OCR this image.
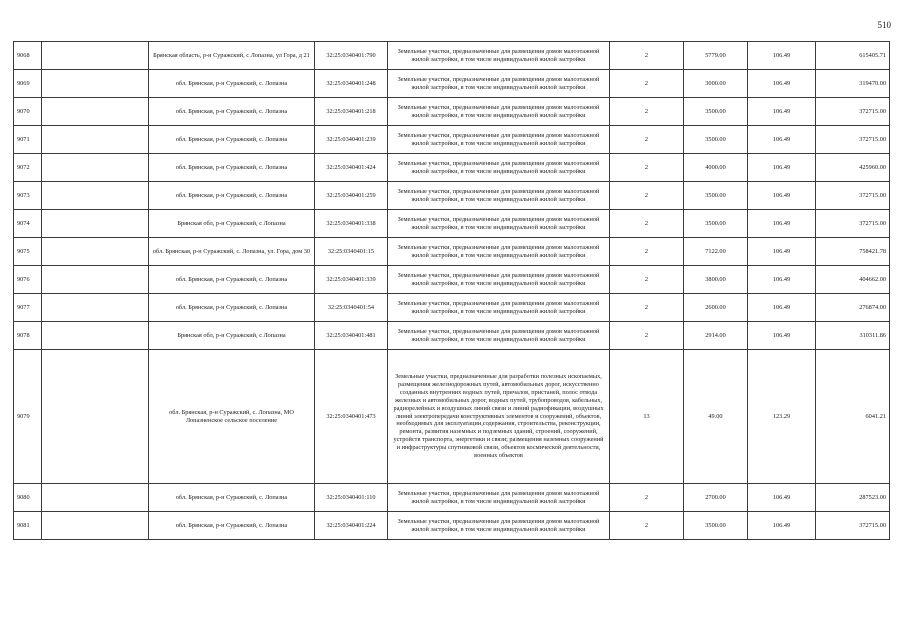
510
9068		Брянская область, р-н Суражский, с Лопазна, ул Гора, д 21	32:25:0340401:790	Земельные участки, предназначенные для размещения домов малоэтажной жилой застройки, в том числе индивидуальной жилой застройки	2	5779.00	106.49	615405.71
9069		обл. Брянская, р-н Суражский, с. Лопазна	32:25:0340401:248	Земельные участки, предназначенные для размещения домов малоэтажной жилой застройки, в том числе индивидуальной жилой застройки	2	3000.00	106.49	319470.00
9070		обл. Брянская, р-н Суражский, с. Лопазна	32:25:0340401:218	Земельные участки, предназначенные для размещения домов малоэтажной жилой застройки, в том числе индивидуальной жилой застройки	2	3500.00	106.49	372715.00
9071		обл. Брянская, р-н Суражский, с. Лопазна	32:25:0340401:239	Земельные участки, предназначенные для размещения домов малоэтажной жилой застройки, в том числе индивидуальной жилой застройки	2	3500.00	106.49	372715.00
9072		обл. Брянская, р-н Суражский, с. Лопазна	32:25:0340401:424	Земельные участки, предназначенные для размещения домов малоэтажной жилой застройки, в том числе индивидуальной жилой застройки	2	4000.00	106.49	425960.00
9073		обл. Брянская, р-н Суражский, с. Лопазна	32:25:0340401:259	Земельные участки, предназначенные для размещения домов малоэтажной жилой застройки, в том числе индивидуальной жилой застройки	2	3500.00	106.49	372715.00
9074		Брянская обл, р-н Суражский, с Лопазна	32:25:0340401:338	Земельные участки, предназначенные для размещения домов малоэтажной жилой застройки, в том числе индивидуальной жилой застройки	2	3500.00	106.49	372715.00
9075		обл. Брянская, р-н Суражский, с. Лопазна, ул. Гора, дом 30	32:25:0340401:15	Земельные участки, предназначенные для размещения домов малоэтажной жилой застройки, в том числе индивидуальной жилой застройки	2	7122.00	106.49	758421.78
9076		обл. Брянская, р-н Суражский, с. Лопазна	32:25:0340401:339	Земельные участки, предназначенные для размещения домов малоэтажной жилой застройки, в том числе индивидуальной жилой застройки	2	3800.00	106.49	404662.00
9077		обл. Брянская, р-н Суражский, с. Лопазна	32:25:0340401:54	Земельные участки, предназначенные для размещения домов малоэтажной жилой застройки, в том числе индивидуальной жилой застройки	2	2600.00	106.49	276874.00
9078		Брянская обл, р-н Суражский, с Лопазна	32:25:0340401:481	Земельные участки, предназначенные для размещения домов малоэтажной жилой застройки, в том числе индивидуальной жилой застройки	2	2914.00	106.49	310311.86
9079		обл. Брянская, р-н Суражский, с. Лопазна, МО Лопазненское сельское поселение	32:25:0340401:473	Земельные участки, предназначенные для разработки полезных ископаемых, размещения железнодорожных путей, автомобильных дорог, искусственно созданных внутренних водных путей, причалов, пристаней, полос отвода железных и автомобильных дорог, водных путей, трубопроводов, кабельных, радиорелейных и воздушных линий связи и линий радиофикации, воздушных линий электропередачи конструктивных элементов и сооружений, объектов, необходимых для эксплуатации,содержания, строительства, реконструкции, ремонта, развития наземных и подземных зданий, строений, сооружений, устройств транспорта, энергетики и связи; размещения наземных сооружений и инфраструктуры спутниковой связи, объектов космической деятельности, военных объектов	13	49.00	123.29	6041.21
9080		обл. Брянская, р-н Суражский, с. Лопазна	32:25:0340401:110	Земельные участки, предназначенные для размещения домов малоэтажной жилой застройки, в том числе индивидуальной жилой застройки	2	2700.00	106.49	287523.00
9081		обл. Брянская, р-н Суражский, с. Лопазна	32:25:0340401:224	Земельные участки, предназначенные для размещения домов малоэтажной жилой застройки, в том числе индивидуальной жилой застройки	2	3500.00	106.49	372715.00
